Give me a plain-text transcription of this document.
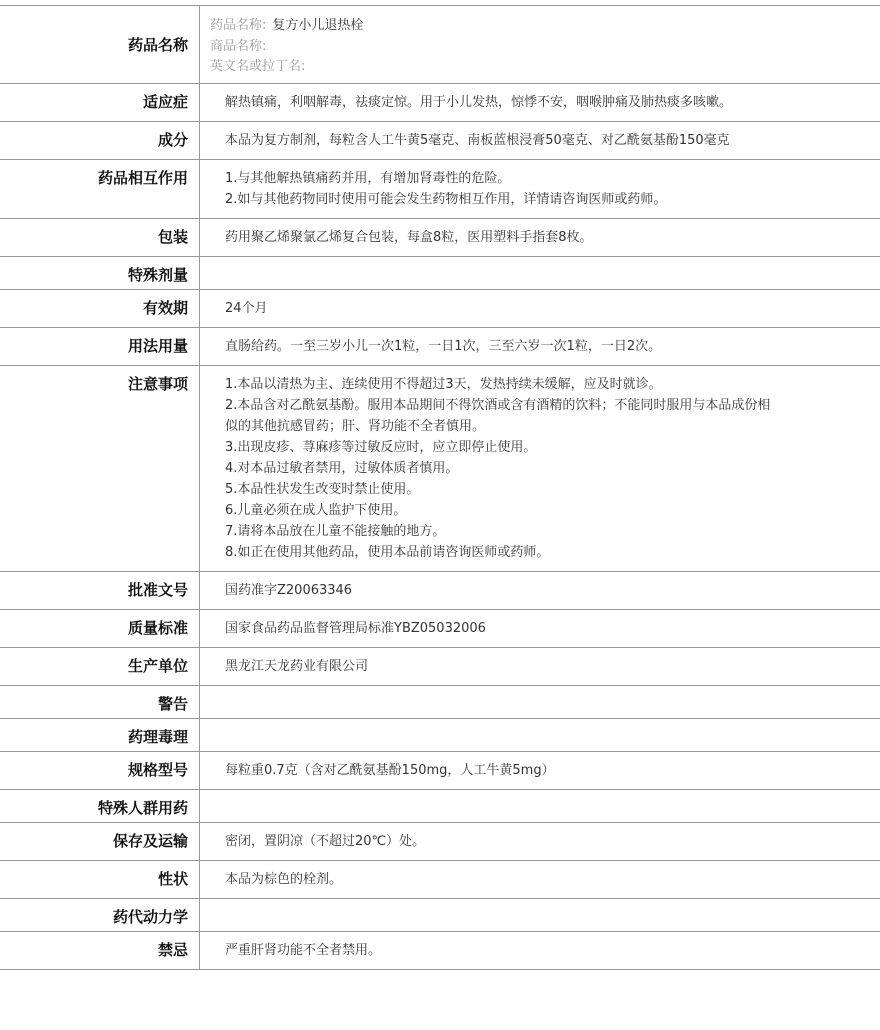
药品名称
药品名称: 复方小儿退热栓
商品名称:
英文名或拉丁名:
适应症	解热镇痛，利咽解毒，祛痰定惊。用于小儿发热，惊悸不安，咽喉肿痛及肺热痰多咳嗽。
成分	本品为复方制剂，每粒含人工牛黄5毫克、南板蓝根浸膏50毫克、对乙酰氨基酚150毫克
药品相互作用	1.与其他解热镇痛药并用，有增加肾毒性的危险。
2.如与其他药物同时使用可能会发生药物相互作用，详情请咨询医师或药师。
包装	药用聚乙烯聚氯乙烯复合包装，每盒8粒，医用塑料手指套8枚。
特殊剂量
有效期	24个月
用法用量	直肠给药。一至三岁小儿一次1粒，一日1次，三至六岁一次1粒，一日2次。
注意事项	1.本品以清热为主、连续使用不得超过3天，发热持续未缓解，应及时就诊。
2.本品含对乙酰氨基酚。服用本品期间不得饮酒或含有酒精的饮料；不能同时服用与本品成份相似的其他抗感冒药；肝、肾功能不全者慎用。
3.出现皮疹、荨麻疹等过敏反应时，应立即停止使用。
4.对本品过敏者禁用，过敏体质者慎用。
5.本品性状发生改变时禁止使用。
6.儿童必须在成人监护下使用。
7.请将本品放在儿童不能接触的地方。
8.如正在使用其他药品，使用本品前请咨询医师或药师。
批准文号	国药准字Z20063346
质量标准	国家食品药品监督管理局标准YBZ05032006
生产单位	黑龙江天龙药业有限公司
警告
药理毒理
规格型号	每粒重0.7克（含对乙酰氨基酚150mg，人工牛黄5mg）
特殊人群用药
保存及运输	密闭，置阴凉（不超过20℃）处。
性状	本品为棕色的栓剂。
药代动力学
禁忌	严重肝肾功能不全者禁用。
